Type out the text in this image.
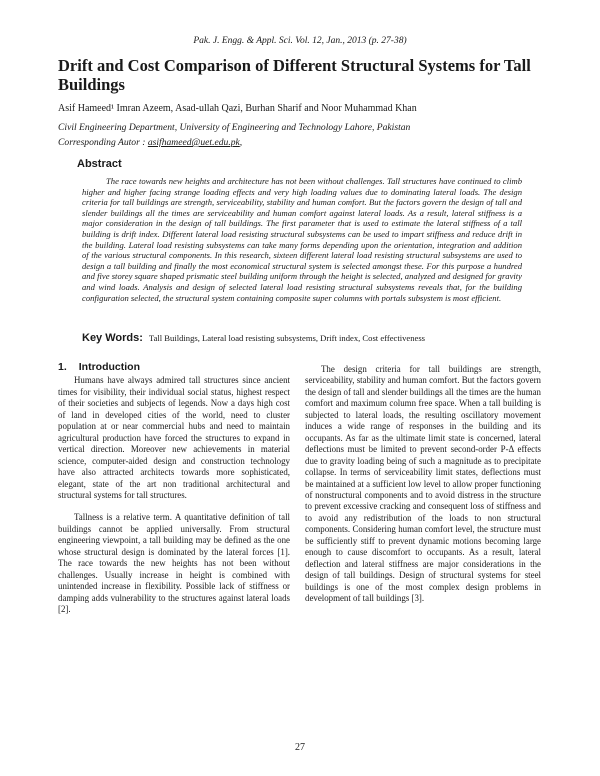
Pak. J. Engg. & Appl. Sci. Vol. 12, Jan., 2013 (p. 27-38)
Drift and Cost Comparison of Different Structural Systems for Tall Buildings
Asif Hameed¹ Imran Azeem, Asad-ullah Qazi, Burhan Sharif and Noor Muhammad Khan
Civil Engineering Department, University of Engineering and Technology Lahore, Pakistan
Corresponding Autor : asifhameed@uet.edu.pk,
Abstract

The race towards new heights and architecture has not been without challenges. Tall structures have continued to climb higher and higher facing strange loading effects and very high loading values due to dominating lateral loads. The design criteria for tall buildings are strength, serviceability, stability and human comfort. But the factors govern the design of tall and slender buildings all the times are serviceability and human comfort against lateral loads. As a result, lateral stiffness is a major consideration in the design of tall buildings. The first parameter that is used to estimate the lateral stiffness of a tall building is drift index. Different lateral load resisting structural subsystems can be used to impart stiffness and reduce drift in the building. Lateral load resisting subsystems can take many forms depending upon the orientation, integration and addition of the various structural components. In this research, sixteen different lateral load resisting structural subsystems are used to design a tall building and finally the most economical structural system is selected amongst these. For this purpose a hundred and five storey square shaped prismatic steel building uniform through the height is selected, analyzed and designed for gravity and wind loads. Analysis and design of selected lateral load resisting structural subsystems reveals that, for the building configuration selected, the structural system containing composite super columns with portals subsystem is most efficient.

Key Words: Tall Buildings, Lateral load resisting subsystems, Drift index, Cost effectiveness
1. Introduction

Humans have always admired tall structures since ancient times for visibility, their individual social status, highest respect of their societies and subjects of legends. Now a days high cost of land in developed cities of the world, need to cluster population at or near commercial hubs and need to maintain agricultural production have forced the structures to expand in vertical direction. Moreover new achievements in material science, computer-aided design and construction technology have also attracted architects towards more sophisticated, elegant, state of the art non traditional architectural and structural systems for tall structures.

Tallness is a relative term. A quantitative definition of tall buildings cannot be applied universally. From structural engineering viewpoint, a tall building may be defined as the one whose structural design is dominated by the lateral forces [1]. The race towards the new heights has not been without challenges. Usually increase in height is combined with unintended increase in flexibility. Possible lack of stiffness or damping adds vulnerability to the structures against lateral loads [2].

The design criteria for tall buildings are strength, serviceability, stability and human comfort. But the factors govern the design of tall and slender buildings all the times are the human comfort and maximum column free space. When a tall building is subjected to lateral loads, the resulting oscillatory movement induces a wide range of responses in the building and its occupants. As far as the ultimate limit state is concerned, lateral deflections must be limited to prevent second-order P-Δ effects due to gravity loading being of such a magnitude as to precipitate collapse. In terms of serviceability limit states, deflections must be maintained at a sufficient low level to allow proper functioning of nonstructural components and to avoid distress in the structure to prevent excessive cracking and consequent loss of stiffness and to avoid any redistribution of the loads to non structural components. Considering human comfort level, the structure must be sufficiently stiff to prevent dynamic motions becoming large enough to cause discomfort to occupants. As a result, lateral deflection and lateral stiffness are major considerations in the design of tall buildings. Design of structural systems for steel buildings is one of the most complex design problems in development of tall buildings [3].

27
